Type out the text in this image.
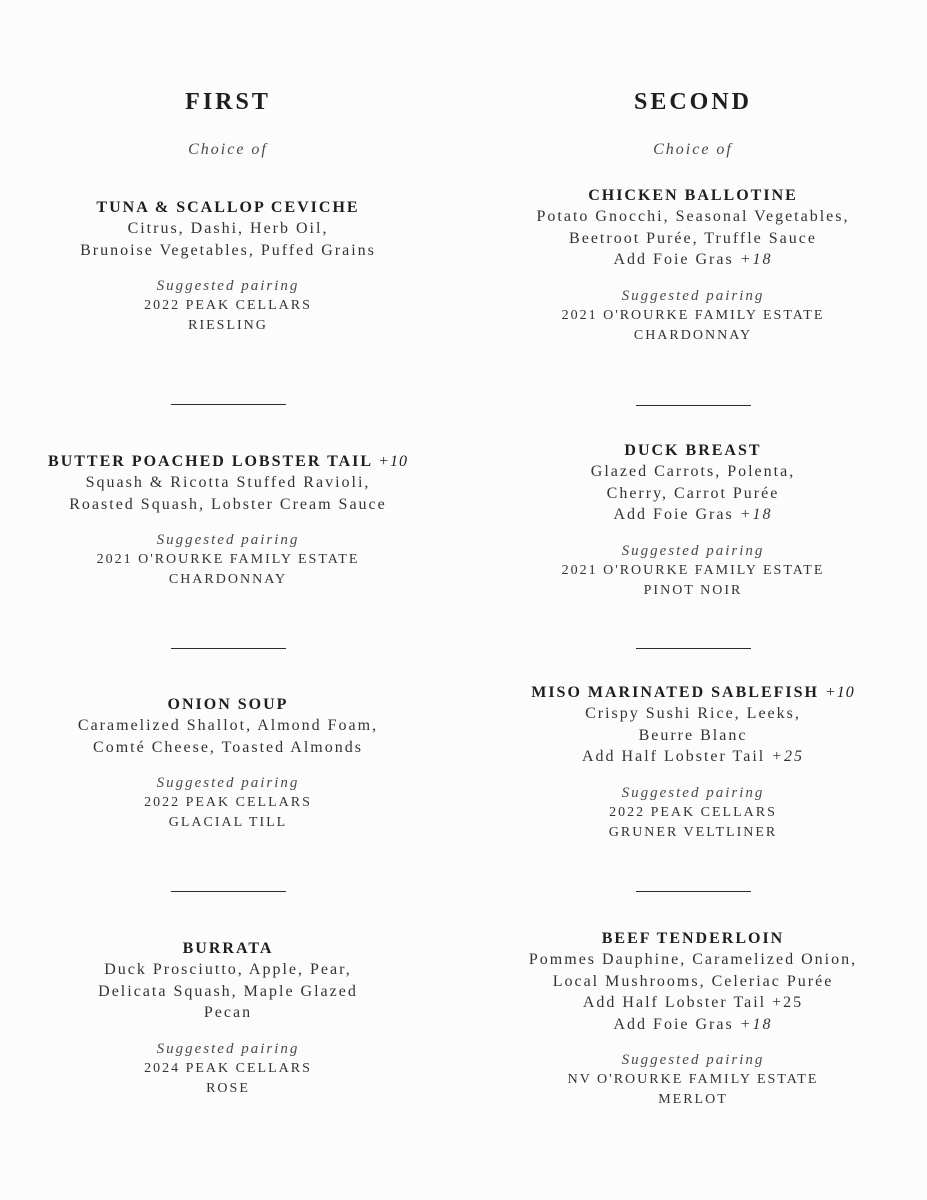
FIRST
Choice of
TUNA & SCALLOP CEVICHE
Citrus, Dashi, Herb Oil,
Brunoise Vegetables, Puffed Grains
Suggested pairing
2022 PEAK CELLARS
RIESLING
BUTTER POACHED LOBSTER TAIL +10
Squash & Ricotta Stuffed Ravioli,
Roasted Squash, Lobster Cream Sauce
Suggested pairing
2021 O'ROURKE FAMILY ESTATE
CHARDONNAY
ONION SOUP
Caramelized Shallot, Almond Foam,
Comté Cheese, Toasted Almonds
Suggested pairing
2022 PEAK CELLARS
GLACIAL TILL
BURRATA
Duck Prosciutto, Apple, Pear,
Delicata Squash, Maple Glazed
Pecan
Suggested pairing
2024 PEAK CELLARS
ROSE
SECOND
Choice of
CHICKEN BALLOTINE
Potato Gnocchi, Seasonal Vegetables,
Beetroot Purée, Truffle Sauce
Add Foie Gras +18
Suggested pairing
2021 O'ROURKE FAMILY ESTATE
CHARDONNAY
DUCK BREAST
Glazed Carrots, Polenta,
Cherry, Carrot Purée
Add Foie Gras +18
Suggested pairing
2021 O'ROURKE FAMILY ESTATE
PINOT NOIR
MISO MARINATED SABLEFISH +10
Crispy Sushi Rice, Leeks,
Beurre Blanc
Add Half Lobster Tail +25
Suggested pairing
2022 PEAK CELLARS
GRUNER VELTLINER
BEEF TENDERLOIN
Pommes Dauphine, Caramelized Onion,
Local Mushrooms, Celeriac Purée
Add Half Lobster Tail +25
Add Foie Gras +18
Suggested pairing
NV O'ROURKE FAMILY ESTATE
MERLOT
